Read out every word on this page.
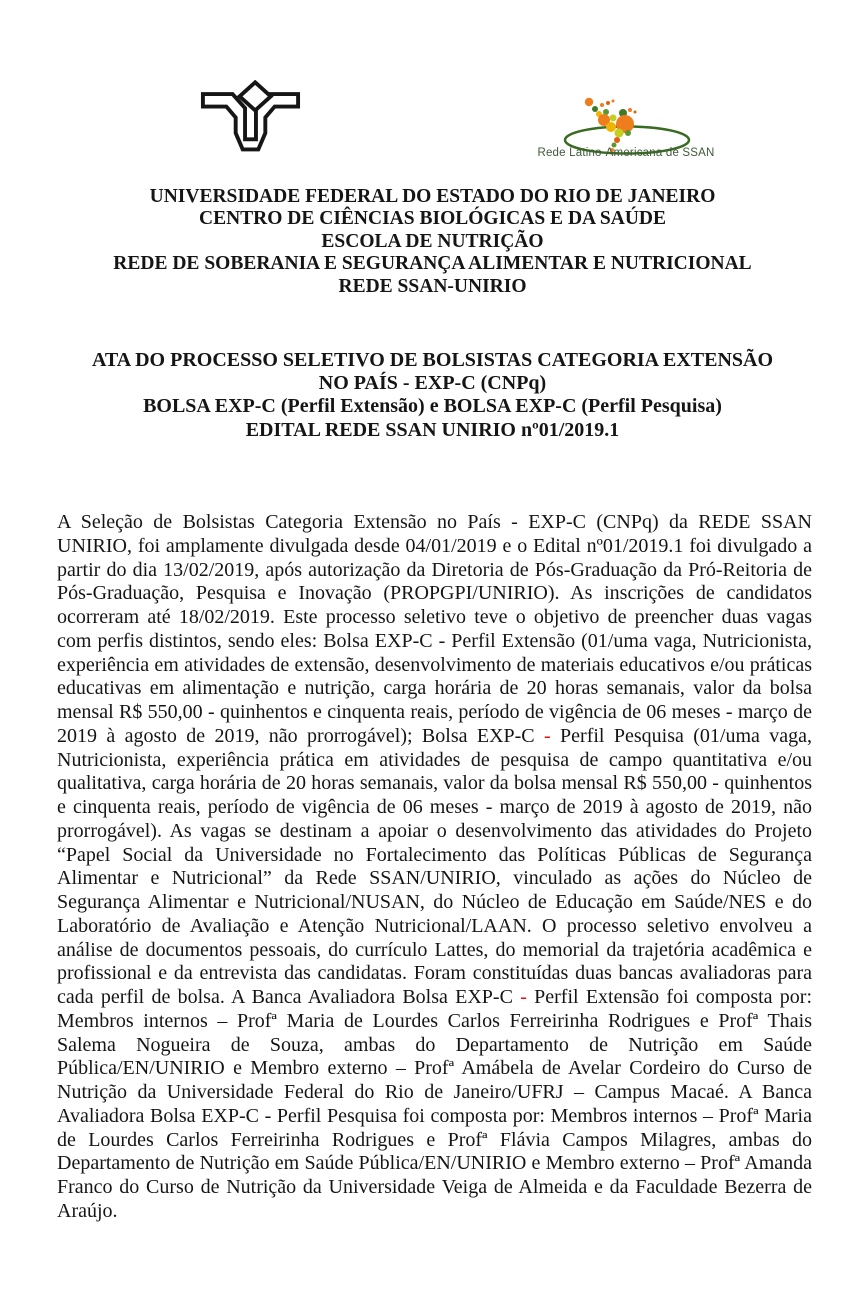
Rede Latino-Americana de SSAN
UNIVERSIDADE FEDERAL DO ESTADO DO RIO DE JANEIRO
CENTRO DE CIÊNCIAS BIOLÓGICAS E DA SAÚDE
ESCOLA DE NUTRIÇÃO
REDE DE SOBERANIA E SEGURANÇA ALIMENTAR E NUTRICIONAL
REDE SSAN-UNIRIO
ATA DO PROCESSO SELETIVO DE BOLSISTAS CATEGORIA EXTENSÃO
NO PAÍS - EXP-C (CNPq)
BOLSA EXP-C (Perfil Extensão) e BOLSA EXP-C (Perfil Pesquisa)
EDITAL REDE SSAN UNIRIO nº01/2019.1

A Seleção de Bolsistas Categoria Extensão no País - EXP-C (CNPq) da REDE SSAN UNIRIO, foi amplamente divulgada desde 04/01/2019 e o Edital nº01/2019.1 foi divulgado a partir do dia 13/02/2019, após autorização da Diretoria de Pós-Graduação da Pró-Reitoria de Pós-Graduação, Pesquisa e Inovação (PROPGPI/UNIRIO). As inscrições de candidatos ocorreram até 18/02/2019. Este processo seletivo teve o objetivo de preencher duas vagas com perfis distintos, sendo eles: Bolsa EXP-C - Perfil Extensão (01/uma vaga, Nutricionista, experiência em atividades de extensão, desenvolvimento de materiais educativos e/ou práticas educativas em alimentação e nutrição, carga horária de 20 horas semanais, valor da bolsa mensal R$ 550,00 - quinhentos e cinquenta reais, período de vigência de 06 meses - março de 2019 à agosto de 2019, não prorrogável); Bolsa EXP-C - Perfil Pesquisa (01/uma vaga, Nutricionista, experiência prática em atividades de pesquisa de campo quantitativa e/ou qualitativa, carga horária de 20 horas semanais, valor da bolsa mensal R$ 550,00 - quinhentos e cinquenta reais, período de vigência de 06 meses - março de 2019 à agosto de 2019, não prorrogável). As vagas se destinam a apoiar o desenvolvimento das atividades do Projeto “Papel Social da Universidade no Fortalecimento das Políticas Públicas de Segurança Alimentar e Nutricional” da Rede SSAN/UNIRIO, vinculado as ações do Núcleo de Segurança Alimentar e Nutricional/NUSAN, do Núcleo de Educação em Saúde/NES e do Laboratório de Avaliação e Atenção Nutricional/LAAN. O processo seletivo envolveu a análise de documentos pessoais, do currículo Lattes, do memorial da trajetória acadêmica e profissional e da entrevista das candidatas. Foram constituídas duas bancas avaliadoras para cada perfil de bolsa. A Banca Avaliadora Bolsa EXP-C - Perfil Extensão foi composta por: Membros internos – Profª Maria de Lourdes Carlos Ferreirinha Rodrigues e Profª Thais Salema Nogueira de Souza, ambas do Departamento de Nutrição em Saúde Pública/EN/UNIRIO e Membro externo – Profª Amábela de Avelar Cordeiro do Curso de Nutrição da Universidade Federal do Rio de Janeiro/UFRJ – Campus Macaé. A Banca Avaliadora Bolsa EXP-C - Perfil Pesquisa foi composta por: Membros internos – Profª Maria de Lourdes Carlos Ferreirinha Rodrigues e Profª Flávia Campos Milagres, ambas do Departamento de Nutrição em Saúde Pública/EN/UNIRIO e Membro externo – Profª Amanda Franco do Curso de Nutrição da Universidade Veiga de Almeida e da Faculdade Bezerra de Araújo.
